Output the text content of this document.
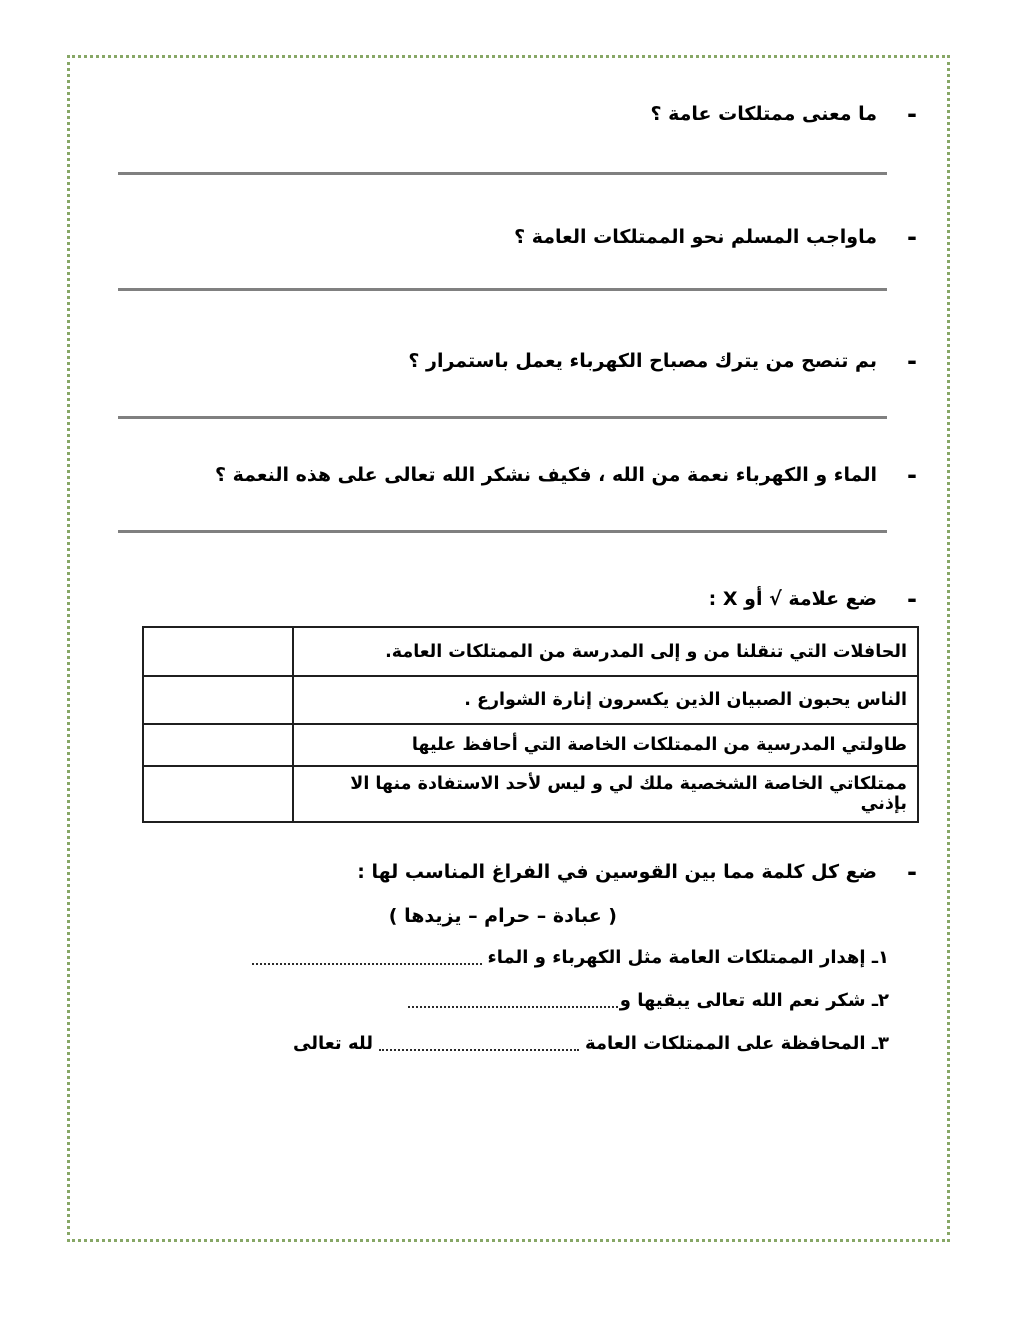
-
ما معنى ممتلكات عامة ؟
-
ماواجب المسلم نحو الممتلكات العامة ؟
-
بم تنصح من يترك مصباح الكهرباء يعمل باستمرار ؟
-
الماء و الكهرباء نعمة من الله ، فكيف نشكر الله تعالى على هذه النعمة ؟
-
ضع علامة √ أو X :
الحافلات التي تنقلنا من و إلى المدرسة من الممتلكات العامة.	
الناس يحبون الصبيان الذين يكسرون إنارة الشوارع .	
طاولتي المدرسية من الممتلكات الخاصة التي أحافظ عليها	
ممتلكاتي الخاصة الشخصية ملك لي و ليس لأحد الاستفادة منها الا بإذني	
-
ضع كل كلمة مما بين القوسين في الفراغ المناسب لها :
( عبادة – حرام – يزيدها )
١ـ إهدار الممتلكات العامة مثل الكهرباء و الماء
٢ـ شكر نعم الله تعالى يبقيها و
٣ـ المحافظة على الممتلكات العامة
لله تعالى
